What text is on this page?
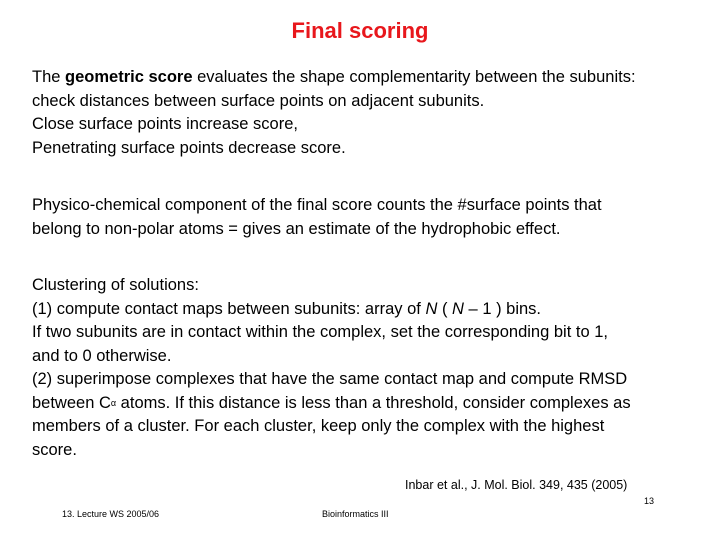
Final scoring

The geometric score evaluates the shape complementarity between the subunits:
check distances between surface points on adjacent subunits.
Close surface points increase score,
Penetrating surface points decrease score.

Physico-chemical component of the final score counts the #surface points that
belong to non-polar atoms = gives an estimate of the hydrophobic effect.

Clustering of solutions:
(1) compute contact maps between subunits: array of N ( N – 1 ) bins.
If two subunits are in contact within the complex, set the corresponding bit to 1,
and to 0 otherwise.
(2) superimpose complexes that have the same contact map and compute RMSD
between Cα atoms. If this distance is less than a threshold, consider complexes as
members of a cluster. For each cluster, keep only the complex with the highest
score.

Inbar et al., J. Mol. Biol. 349, 435 (2005)
13
13. Lecture WS 2005/06	Bioinformatics III
